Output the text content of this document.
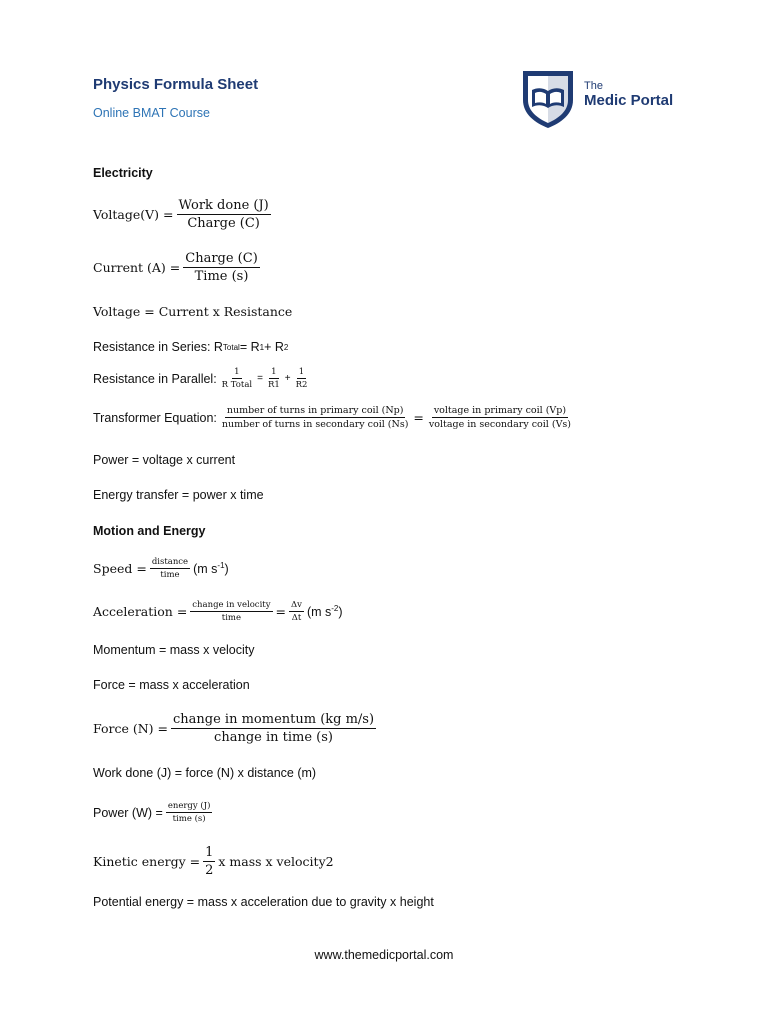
Physics Formula Sheet
Online BMAT Course
The
Medic Portal
Electricity
Voltage(V) = $\frac{\text{Work done (J)}}{\text{Charge (C)}}$
Current $(A) = \frac{\text{Charge (C)}}{\text{Time (s)}}$
Voltage = Current x Resistance
Resistance in Series: R Total = R 1 + R 2
Resistance in Parallel: $\frac{1}{\text{R Total}} = \frac{1}{R1} + \frac{1}{R2}$
Transformer Equation: $\frac{\text{number of turns in primary coil (Np)}}{\text{number of turns in secondary coil (Ns)}} = \frac{\text{voltage in primary coil (Vp)}}{\text{voltage in secondary coil (Vs)}}$
Power = voltage x current
Energy transfer = power x time
Motion and Energy
Speed = $\frac{\text{distance}}{\text{time}} (m$ $s^{-1}$)
Acceleration = $\frac{\text{change in velocity}}{\text{time}} = \frac{\Delta v}{\Delta t} (m$ $s^{-2}$)
Momentum = mass x velocity
Force = mass x acceleration
Force $(N) = \frac{\text{change in momentum (kg m/s)}}{\text{change in time (s)}}$
Work done (J) = force (N) x distance (m)
Power $(W) = \frac{\text{energy (J)}}{\text{time (s)}}$
Kinetic energy = $\frac{1}{2}$ x mass x velocity2
Potential energy = mass x acceleration due to gravity x height
www.themedicportal.com
